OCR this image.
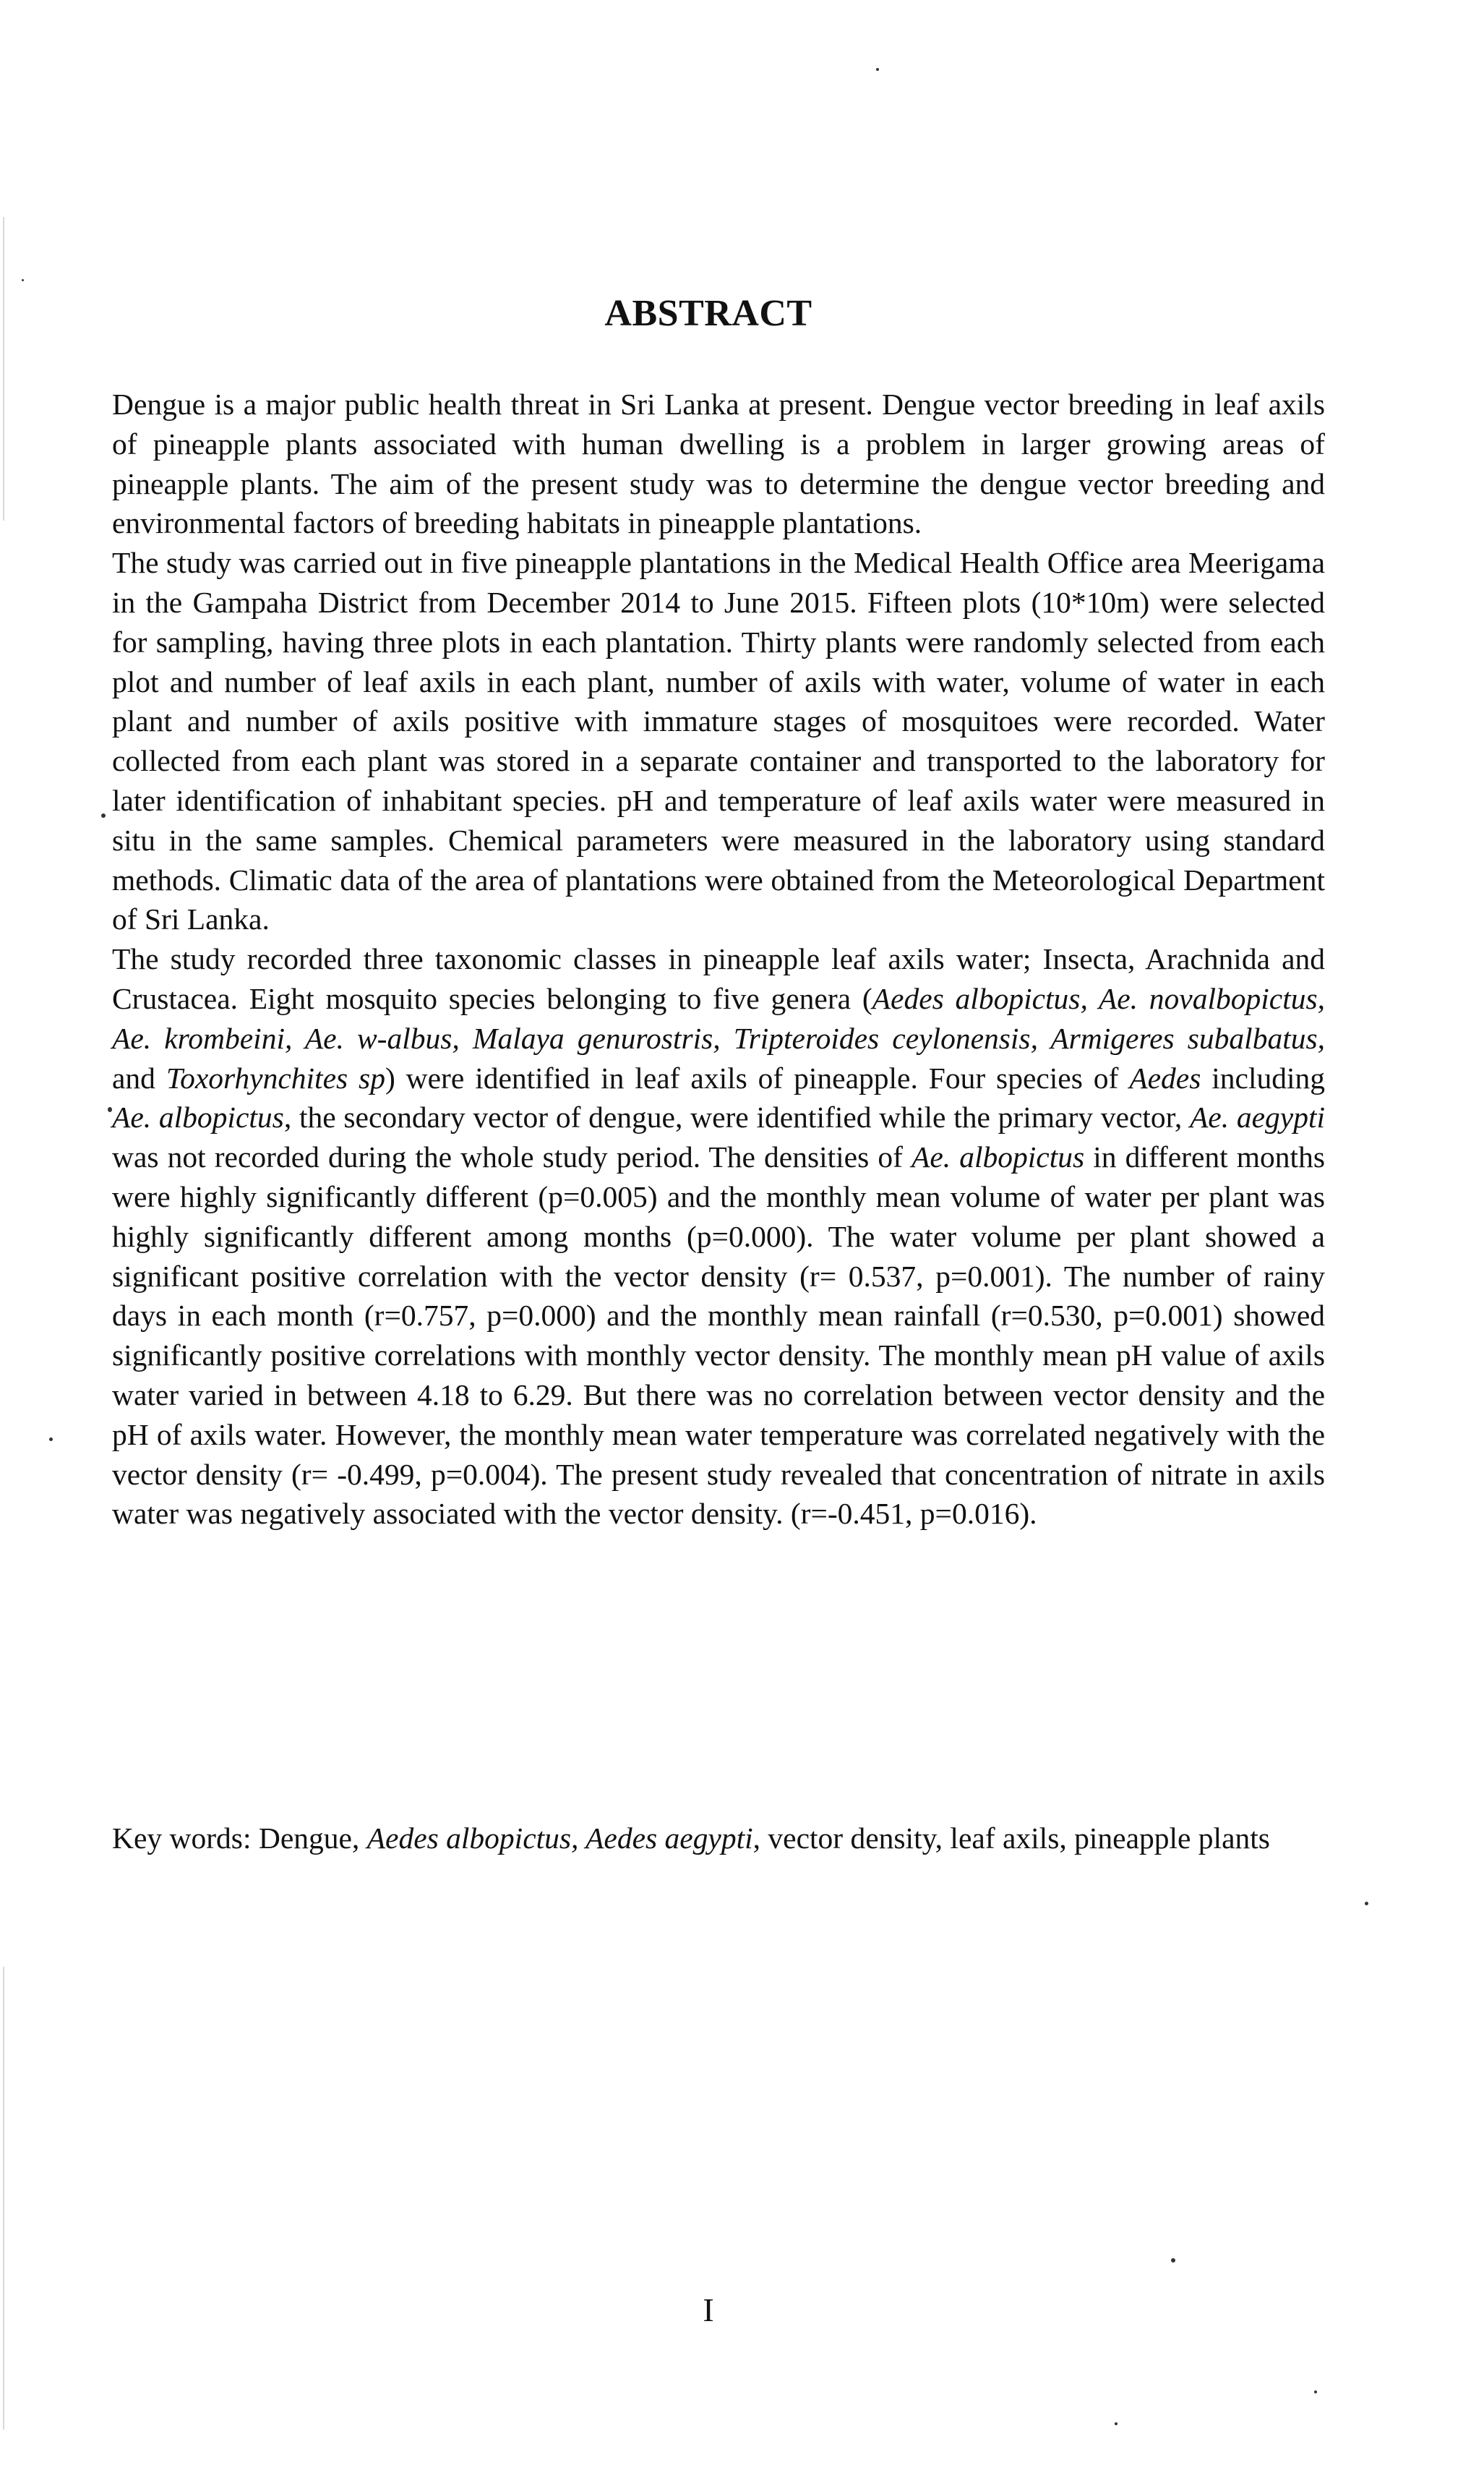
ABSTRACT

Dengue is a major public health threat in Sri Lanka at present. Dengue vector breeding in leaf axils of pineapple plants associated with human dwelling is a problem in larger growing areas of pineapple plants. The aim of the present study was to determine the dengue vector breeding and environmental factors of breeding habitats in pineapple plantations.

The study was carried out in five pineapple plantations in the Medical Health Office area Meerigama in the Gampaha District from December 2014 to June 2015. Fifteen plots (10*10m) were selected for sampling, having three plots in each plantation. Thirty plants were randomly selected from each plot and number of leaf axils in each plant, number of axils with water, volume of water in each plant and number of axils positive with immature stages of mosquitoes were recorded. Water collected from each plant was stored in a separate container and transported to the laboratory for later identification of inhabitant species. pH and temperature of leaf axils water were measured in situ in the same samples. Chemical parameters were measured in the laboratory using standard methods. Climatic data of the area of plantations were obtained from the Meteorological Department of Sri Lanka.

The study recorded three taxonomic classes in pineapple leaf axils water; Insecta, Arachnida and Crustacea. Eight mosquito species belonging to five genera (Aedes albopictus, Ae. novalbopictus, Ae. krombeini, Ae. w-albus, Malaya genurostris, Tripteroides ceylonensis, Armigeres subalbatus, and Toxorhynchites sp) were identified in leaf axils of pineapple. Four species of Aedes including Ae. albopictus, the secondary vector of dengue, were identified while the primary vector, Ae. aegypti was not recorded during the whole study period. The densities of Ae. albopictus in different months were highly significantly different (p=0.005) and the monthly mean volume of water per plant was highly significantly different among months (p=0.000). The water volume per plant showed a significant positive correlation with the vector density (r= 0.537, p=0.001). The number of rainy days in each month (r=0.757, p=0.000) and the monthly mean rainfall (r=0.530, p=0.001) showed significantly positive correlations with monthly vector density. The monthly mean pH value of axils water varied in between 4.18 to 6.29. But there was no correlation between vector density and the pH of axils water. However, the monthly mean water temperature was correlated negatively with the vector density (r= -0.499, p=0.004). The present study revealed that concentration of nitrate in axils water was negatively associated with the vector density. (r=-0.451, p=0.016).

Key words: Dengue, Aedes albopictus, Aedes aegypti, vector density, leaf axils, pineapple plants

I
